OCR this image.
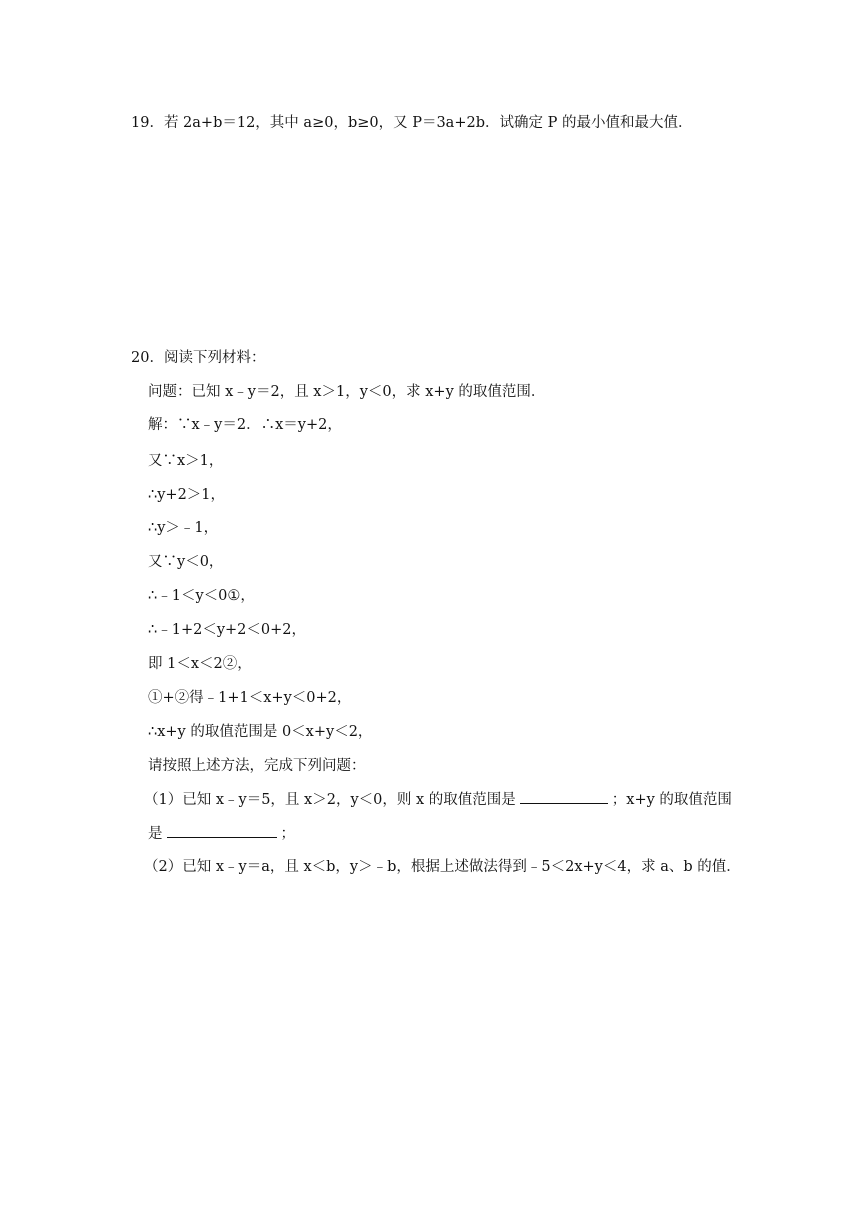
19．若 2a+b＝12，其中 a≥0，b≥0，又 P＝3a+2b．试确定 P 的最小值和最大值．
20．阅读下列材料：
问题：已知 x﹣y＝2，且 x＞1，y＜0，求 x+y 的取值范围．
解：∵x﹣y＝2．∴x＝y+2，
又∵x＞1，
∴y+2＞1，
∴y＞﹣1，
又∵y＜0，
∴﹣1＜y＜0①，
∴﹣1+2＜y+2＜0+2，
即 1＜x＜2②，
①+②得﹣1+1＜x+y＜0+2，
∴x+y 的取值范围是 0＜x+y＜2，
请按照上述方法，完成下列问题：
（1）已知 x﹣y＝5，且 x＞2，y＜0，则 x 的取值范围是	；x+y 的取值范围
是	；
（2）已知 x﹣y＝a，且 x＜b，y＞﹣b，根据上述做法得到﹣5＜2x+y＜4，求 a、b 的值．
